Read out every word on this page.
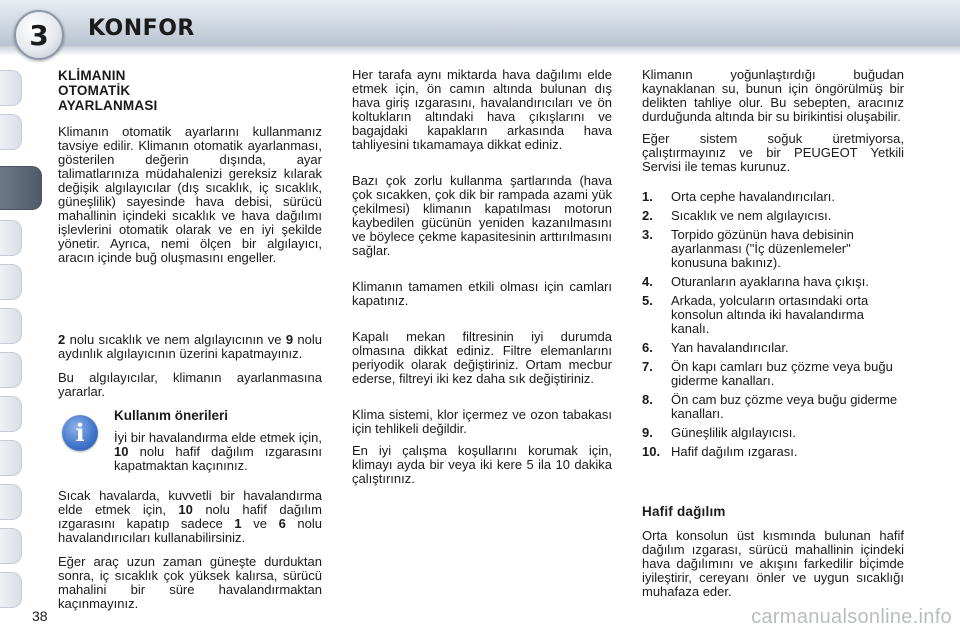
3 KONFOR
KLİMANIN
OTOMATİK
AYARLANMASI

Klimanın otomatik ayarlarını kullanmanız tavsiye edilir. Klimanın otomatik ayarlanması, gösterilen değerin dışında, ayar talimatlarınıza müdahalenizi gereksiz kılarak değişik algılayıcılar (dış sıcaklık, iç sıcaklık, güneşlilik) sayesinde hava debisi, sürücü mahallinin içindeki sıcaklık ve hava dağılımı işlevlerini otomatik olarak ve en iyi şekilde yönetir. Ayrıca, nemi ölçen bir algılayıcı, aracın içinde buğ oluşmasını engeller.

2 nolu sıcaklık ve nem algılayıcının ve 9 nolu aydınlık algılayıcının üzerini kapatmayınız.

Bu algılayıcılar, klimanın ayarlanmasına yararlar.

i
Kullanım önerileri

İyi bir havalandırma elde etmek için, 10 nolu hafif dağılım ızgarasını kapatmaktan kaçınınız.

Sıcak havalarda, kuvvetli bir havalandırma elde etmek için, 10 nolu hafif dağılım ızgarasını kapatıp sadece 1 ve 6 nolu havalandırıcıları kullanabilirsiniz.

Eğer araç uzun zaman güneşte durduktan sonra, iç sıcaklık çok yüksek kalırsa, sürücü mahalini bir süre havalandırmaktan kaçınmayınız.

Her tarafa aynı miktarda hava dağılımı elde etmek için, ön camın altında bulunan dış hava giriş ızgarasını, havalandırıcıları ve ön koltukların altındaki hava çıkışlarını ve bagajdaki kapakların arkasında hava tahliyesini tıkamamaya dikkat ediniz.

Bazı çok zorlu kullanma şartlarında (hava çok sıcakken, çok dik bir rampada azami yük çekilmesi) klimanın kapatılması motorun kaybedilen gücünün yeniden kazanılmasını ve böylece çekme kapasitesinin arttırılmasını sağlar.

Klimanın tamamen etkili olması için camları kapatınız.

Kapalı mekan filtresinin iyi durumda olmasına dikkat ediniz. Filtre elemanlarını periyodik olarak değiştiriniz. Ortam mecbur ederse, filtreyi iki kez daha sık değiştiriniz.

Klima sistemi, klor içermez ve ozon tabakası için tehlikeli değildir.

En iyi çalışma koşullarını korumak için, klimayı ayda bir veya iki kere 5 ila 10 dakika çalıştırınız.

Klimanın yoğunlaştırdığı buğudan kaynaklanan su, bunun için öngörülmüş bir delikten tahliye olur. Bu sebepten, aracınız durduğunda altında bir su birikintisi oluşabilir.

Eğer sistem soğuk üretmiyorsa, çalıştırmayınız ve bir PEUGEOT Yetkili Servisi ile temas kurunuz.

1.	Orta cephe havalandırıcıları.
2.	Sıcaklık ve nem algılayıcısı.
3.	Torpido gözünün hava debisinin ayarlanması ("İç düzenlemeler" konusuna bakınız).
4.	Oturanların ayaklarına hava çıkışı.
5.	Arkada, yolcuların ortasındaki orta konsolun altında iki havalandırma kanalı.
6.	Yan havalandırıcılar.
7.	Ön kapı camları buz çözme veya buğu giderme kanalları.
8.	Ön cam buz çözme veya buğu giderme kanalları.
9.	Güneşlilik algılayıcısı.
10. Hafif dağılım ızgarası.
Hafif dağılım

Orta konsolun üst kısmında bulunan hafif dağılım ızgarası, sürücü mahallinin içindeki hava dağılımını ve akışını farkedilir biçimde iyileştirir, cereyanı önler ve uygun sıcaklığı muhafaza eder.

38	carmanualsonline.info
